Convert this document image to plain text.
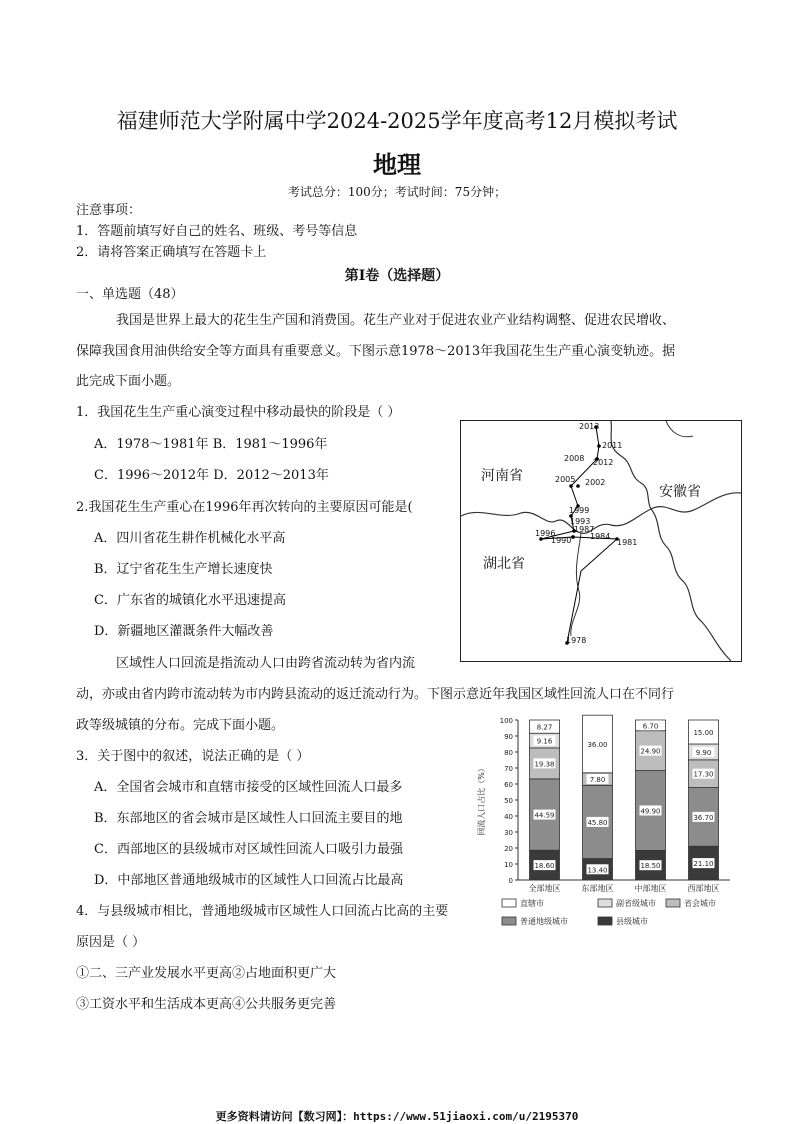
福建师范大学附属中学2024-2025学年度高考12月模拟考试
地理
考试总分：100分；考试时间：75分钟；
注意事项：
1．答题前填写好自己的姓名、班级、考号等信息
2．请将答案正确填写在答题卡上
第I卷（选择题）
一、单选题（48）
我国是世界上最大的花生生产国和消费国。花生产业对于促进农业产业结构调整、促进农民增收、
保障我国食用油供给安全等方面具有重要意义。下图示意1978～2013年我国花生生产重心演变轨迹。据
此完成下面小题。
1．我国花生生产重心演变过程中移动最快的阶段是（ ）
A．1978～1981年 B．1981～1996年
C．1996～2012年 D．2012～2013年
2.我国花生生产重心在1996年再次转向的主要原因可能是(
A．四川省花生耕作机械化水平高
B．辽宁省花生生产增长速度快
C．广东省的城镇化水平迅速提高
D．新疆地区灌溉条件大幅改善
区域性人口回流是指流动人口由跨省流动转为省内流
动，亦或由省内跨市流动转为市内跨县流动的返迁流动行为。下图示意近年我国区域性回流人口在不同行
政等级城镇的分布。完成下面小题。
3．关于图中的叙述，说法正确的是（ ）
A．全国省会城市和直辖市接受的区域性回流人口最多
B．东部地区的省会城市是区域性人口回流主要目的地
C．西部地区的县级城市对区域性回流人口吸引力最强
D．中部地区普通地级城市的区域性人口回流占比最高
4．与县级城市相比，普通地级城市区域性人口回流占比高的主要
原因是（ ）
①二、三产业发展水平更高②占地面积更广大
③工资水平和生活成本更高④公共服务更完善
河南省
安徽省
湖北省
2013
2011
2008 2012
2005 2002
1999
1993
1987
1996
1990 1984
1981
1978
0
10
20
30
40
50
60
70
80
90
100
回流人口占比（%）
18.60
44.59
19.38
9.16
8.27
全部地区
13.40
45.80
7.80
36.00
东部地区
18.50
49.90
24.90
6.70
中部地区
21.10
36.70
17.30
9.90
15.00
西部地区
直辖市	副省级城市	省会城市
普通地级城市	县级城市
更多资料请访问【数习网】：https://www.51jiaoxi.com/u/2195370
